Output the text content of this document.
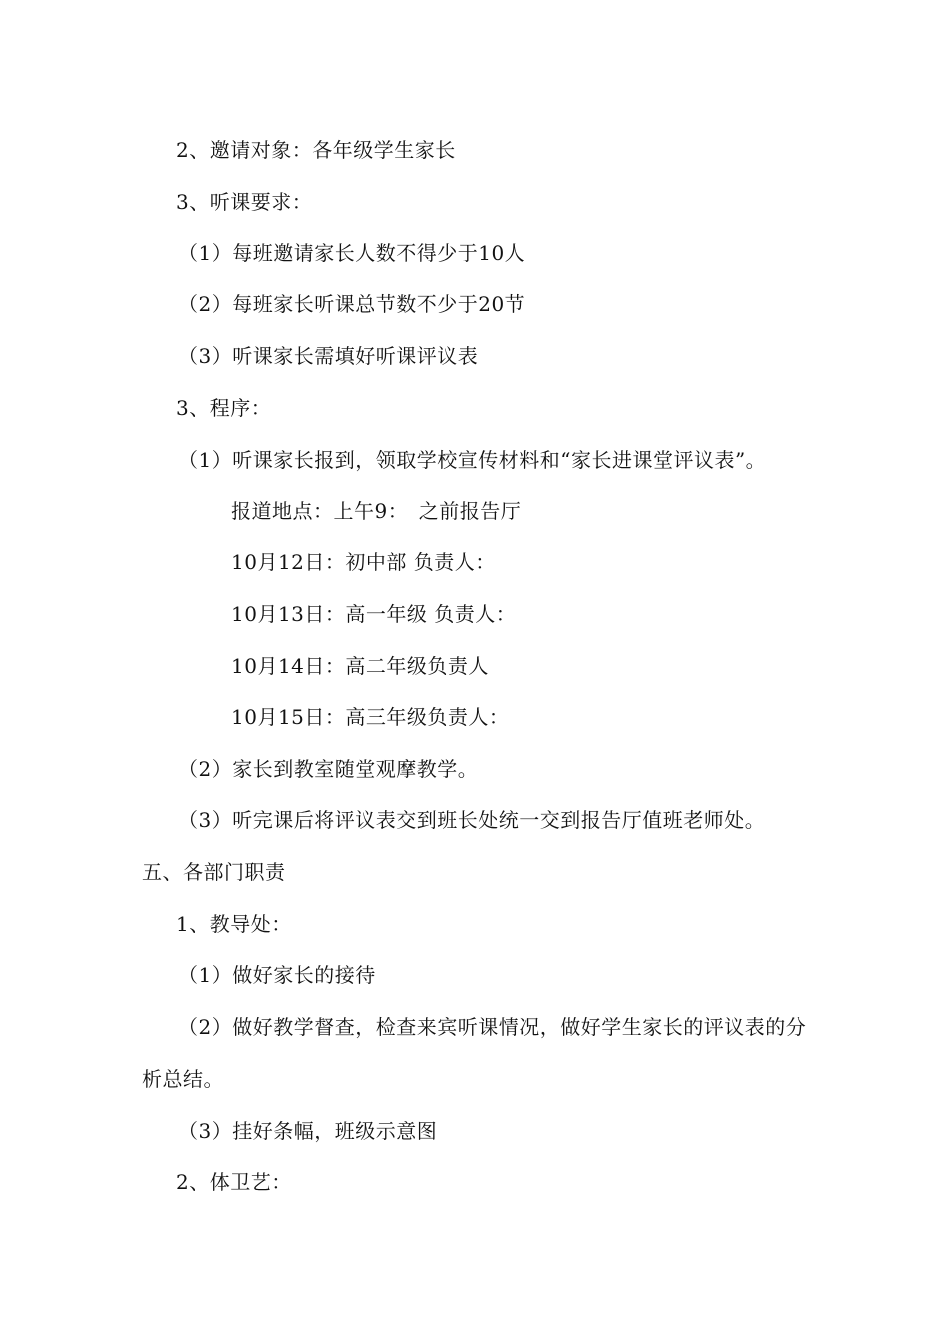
2、邀请对象：各年级学生家长
3、听课要求：
（1）每班邀请家长人数不得少于10人
（2）每班家长听课总节数不少于20节
（3）听课家长需填好听课评议表
3、程序：
（1）听课家长报到，领取学校宣传材料和“家长进课堂评议表”。
报道地点：上午9：　之前报告厅
10月12日：初中部 负责人：
10月13日：高一年级 负责人：
10月14日：高二年级负责人
10月15日：高三年级负责人：
（2）家长到教室随堂观摩教学。
（3）听完课后将评议表交到班长处统一交到报告厅值班老师处。
五、各部门职责
1、教导处：
（1）做好家长的接待
（2）做好教学督查，检查来宾听课情况，做好学生家长的评议表的分
析总结。
（3）挂好条幅，班级示意图
2、体卫艺：
